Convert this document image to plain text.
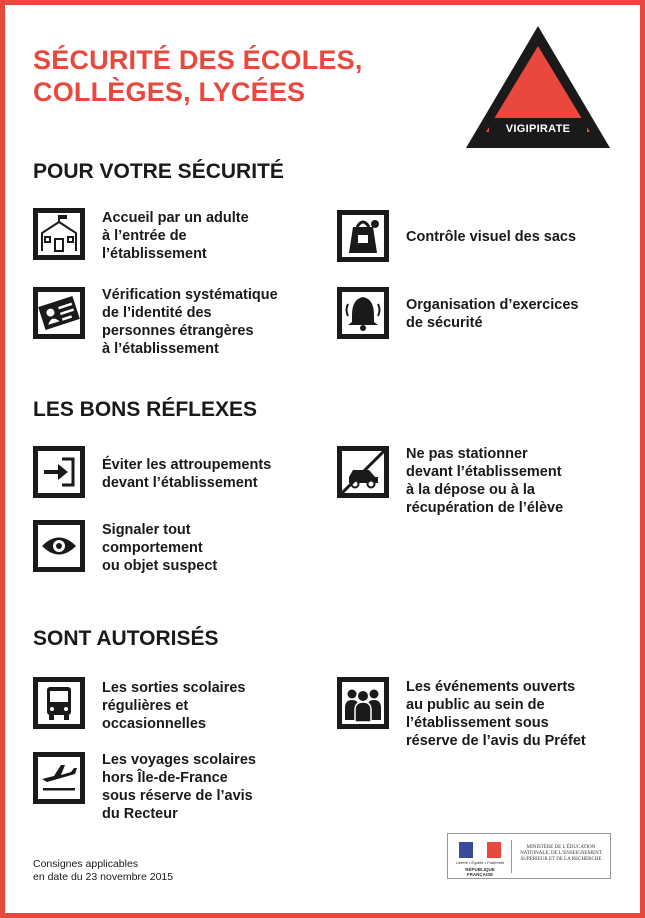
SÉCURITÉ DES ÉCOLES,
COLLÈGES, LYCÉES
VIGIPIRATE
POUR VOTRE SÉCURITÉ
Accueil par un adulte
à l’entrée de
l’établissement
Contrôle visuel des sacs
Vérification systématique
de l’identité des
personnes étrangères
à l’établissement
Organisation d’exercices
de sécurité
LES BONS RÉFLEXES
Éviter les attroupements
devant l’établissement
Ne pas stationner
devant l’établissement
à la dépose ou à la
récupération de l’élève
Signaler tout
comportement
ou objet suspect
SONT AUTORISÉS
Les sorties scolaires
régulières et
occasionnelles
Les événements ouverts
au public au sein de
l’établissement sous
réserve de l’avis du Préfet
Les voyages scolaires
hors Île-de-France
sous réserve de l’avis
du Recteur
Consignes applicables
en date du 23 novembre 2015
Liberté • Égalité • Fraternité
RÉPUBLIQUE FRANÇAISE
MINISTÈRE DE L’ÉDUCATION NATIONALE, DE L’ENSEIGNEMENT SUPÉRIEUR ET DE LA RECHERCHE
